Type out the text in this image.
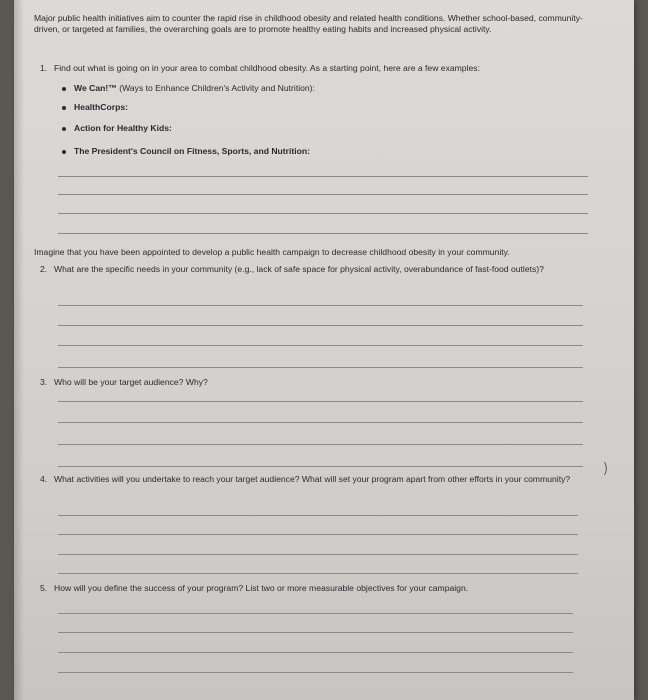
Major public health initiatives aim to counter the rapid rise in childhood obesity and related health conditions. Whether school-based, community-driven, or targeted at families, the overarching goals are to promote healthy eating habits and increased physical activity.
1. Find out what is going on in your area to combat childhood obesity. As a starting point, here are a few examples:
We Can!™ (Ways to Enhance Children's Activity and Nutrition):
HealthCorps:
Action for Healthy Kids:
The President's Council on Fitness, Sports, and Nutrition:
Imagine that you have been appointed to develop a public health campaign to decrease childhood obesity in your community.
2. What are the specific needs in your community (e.g., lack of safe space for physical activity, overabundance of fast-food outlets)?
3. Who will be your target audience? Why?
)
4. What activities will you undertake to reach your target audience? What will set your program apart from other efforts in your community?
5. How will you define the success of your program? List two or more measurable objectives for your campaign.
